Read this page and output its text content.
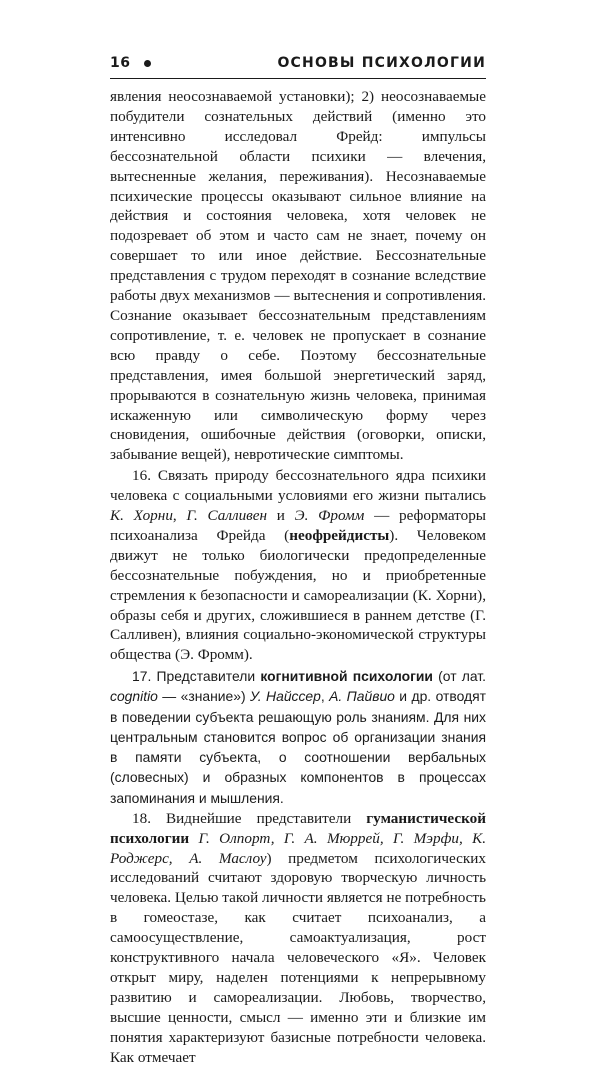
16	ОСНОВЫ ПСИХОЛОГИИ

явления неосознаваемой установки); 2) неосознаваемые побудители сознательных действий (именно это интенсивно исследовал Фрейд: импульсы бессознательной области психики — влечения, вытесненные желания, переживания). Несознаваемые психические процессы оказывают сильное влияние на действия и состояния человека, хотя человек не подозревает об этом и часто сам не знает, почему он совершает то или иное действие. Бессознательные представления с трудом переходят в сознание вследствие работы двух механизмов — вытеснения и сопротивления. Сознание оказывает бессознательным представлениям сопротивление, т. е. человек не пропускает в сознание всю правду о себе. Поэтому бессознательные представления, имея большой энергетический заряд, прорываются в сознательную жизнь человека, принимая искаженную или символическую форму через сновидения, ошибочные действия (оговорки, описки, забывание вещей), невротические симптомы.

16. Связать природу бессознательного ядра психики человека с социальными условиями его жизни пытались К. Хорни, Г. Салливен и Э. Фромм — реформаторы психоанализа Фрейда (неофрейдисты). Человеком движут не только биологически предопределенные бессознательные побуждения, но и приобретенные стремления к безопасности и самореализации (К. Хорни), образы себя и других, сложившиеся в раннем детстве (Г. Салливен), влияния социально-экономической структуры общества (Э. Фромм).

17. Представители когнитивной психологии (от лат. cognitio — «знание») У. Найссер, А. Пайвио и др. отводят в поведении субъекта решающую роль знаниям. Для них центральным становится вопрос об организации знания в памяти субъекта, о соотношении вербальных (словесных) и образных компонентов в процессах запоминания и мышления.

18. Виднейшие представители гуманистической психологии Г. Олпорт, Г. А. Мюррей, Г. Мэрфи, К. Роджерс, А. Маслоу) предметом психологических исследований считают здоровую творческую личность человека. Целью такой личности является не потребность в гомеостазе, как считает психоанализ, а самоосуществление, самоактуализация, рост конструктивного начала человеческого «Я». Человек открыт миру, наделен потенциями к непрерывному развитию и самореализации. Любовь, творчество, высшие ценности, смысл — именно эти и близкие им понятия характеризуют базисные потребности человека. Как отмечает
